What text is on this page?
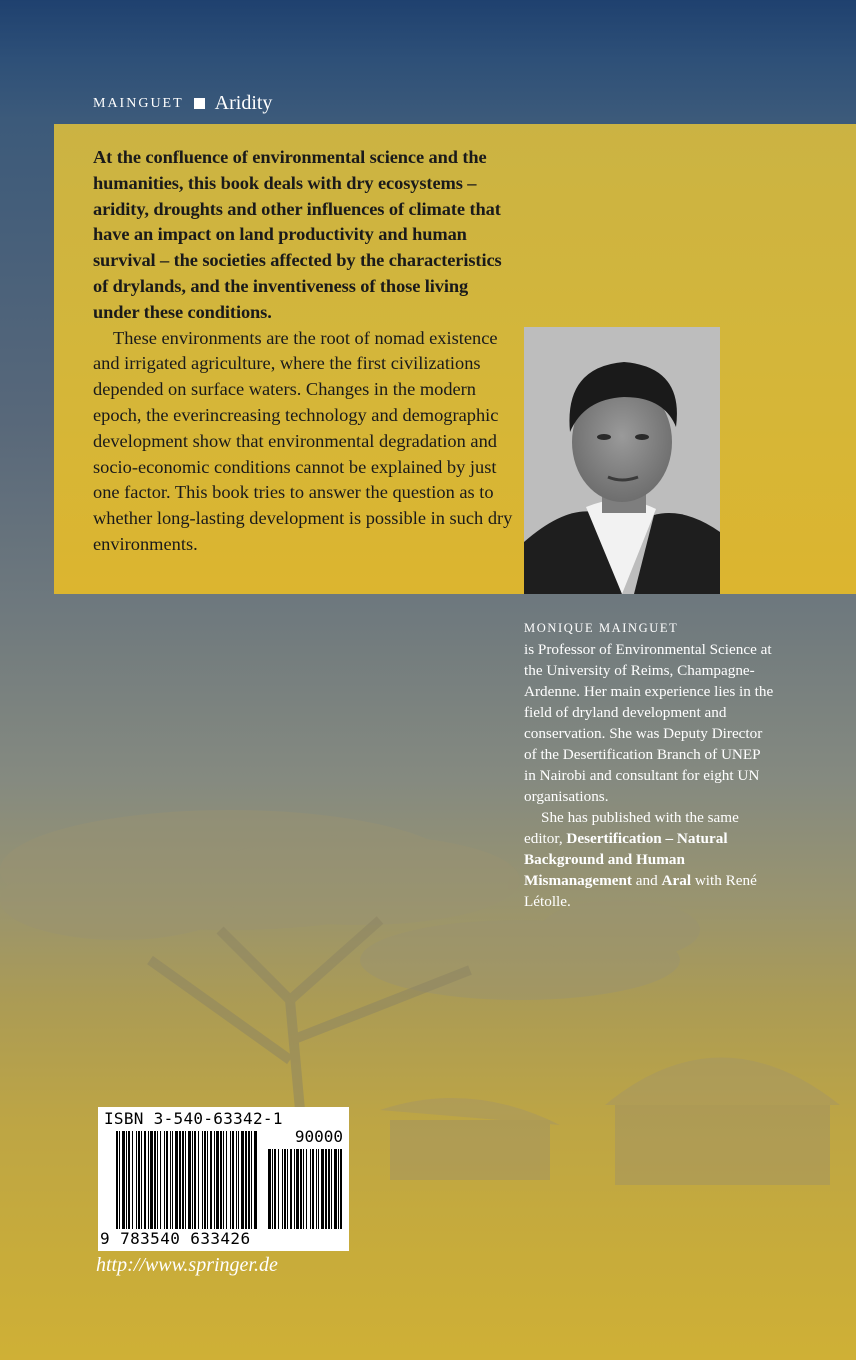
MAINGUET Aridity

At the confluence of environmental science and the humanities, this book deals with dry ecosystems – aridity, droughts and other influences of climate that have an impact on land productivity and human survival – the societies affected by the characteristics of drylands, and the inventiveness of those living under these conditions.

These environments are the root of nomad existence and irrigated agriculture, where the first civilizations depended on surface waters. Changes in the modern epoch, the everincreasing technology and demographic development show that environmental degradation and socio-economic conditions cannot be explained by just one factor. This book tries to answer the question as to whether long-lasting development is possible in such dry environments.

MONIQUE MAINGUET

is Professor of Environmental Science at the University of Reims, Champagne-Ardenne. Her main experience lies in the field of dryland development and conservation. She was Deputy Director of the Desertification Branch of UNEP in Nairobi and consultant for eight UN organisations.

She has published with the same editor, Desertification – Natural Background and Human Mismanagement and Aral with René Létolle.

ISBN 3-540-63342-1
90000
9 783540 633426
http://www.springer.de
